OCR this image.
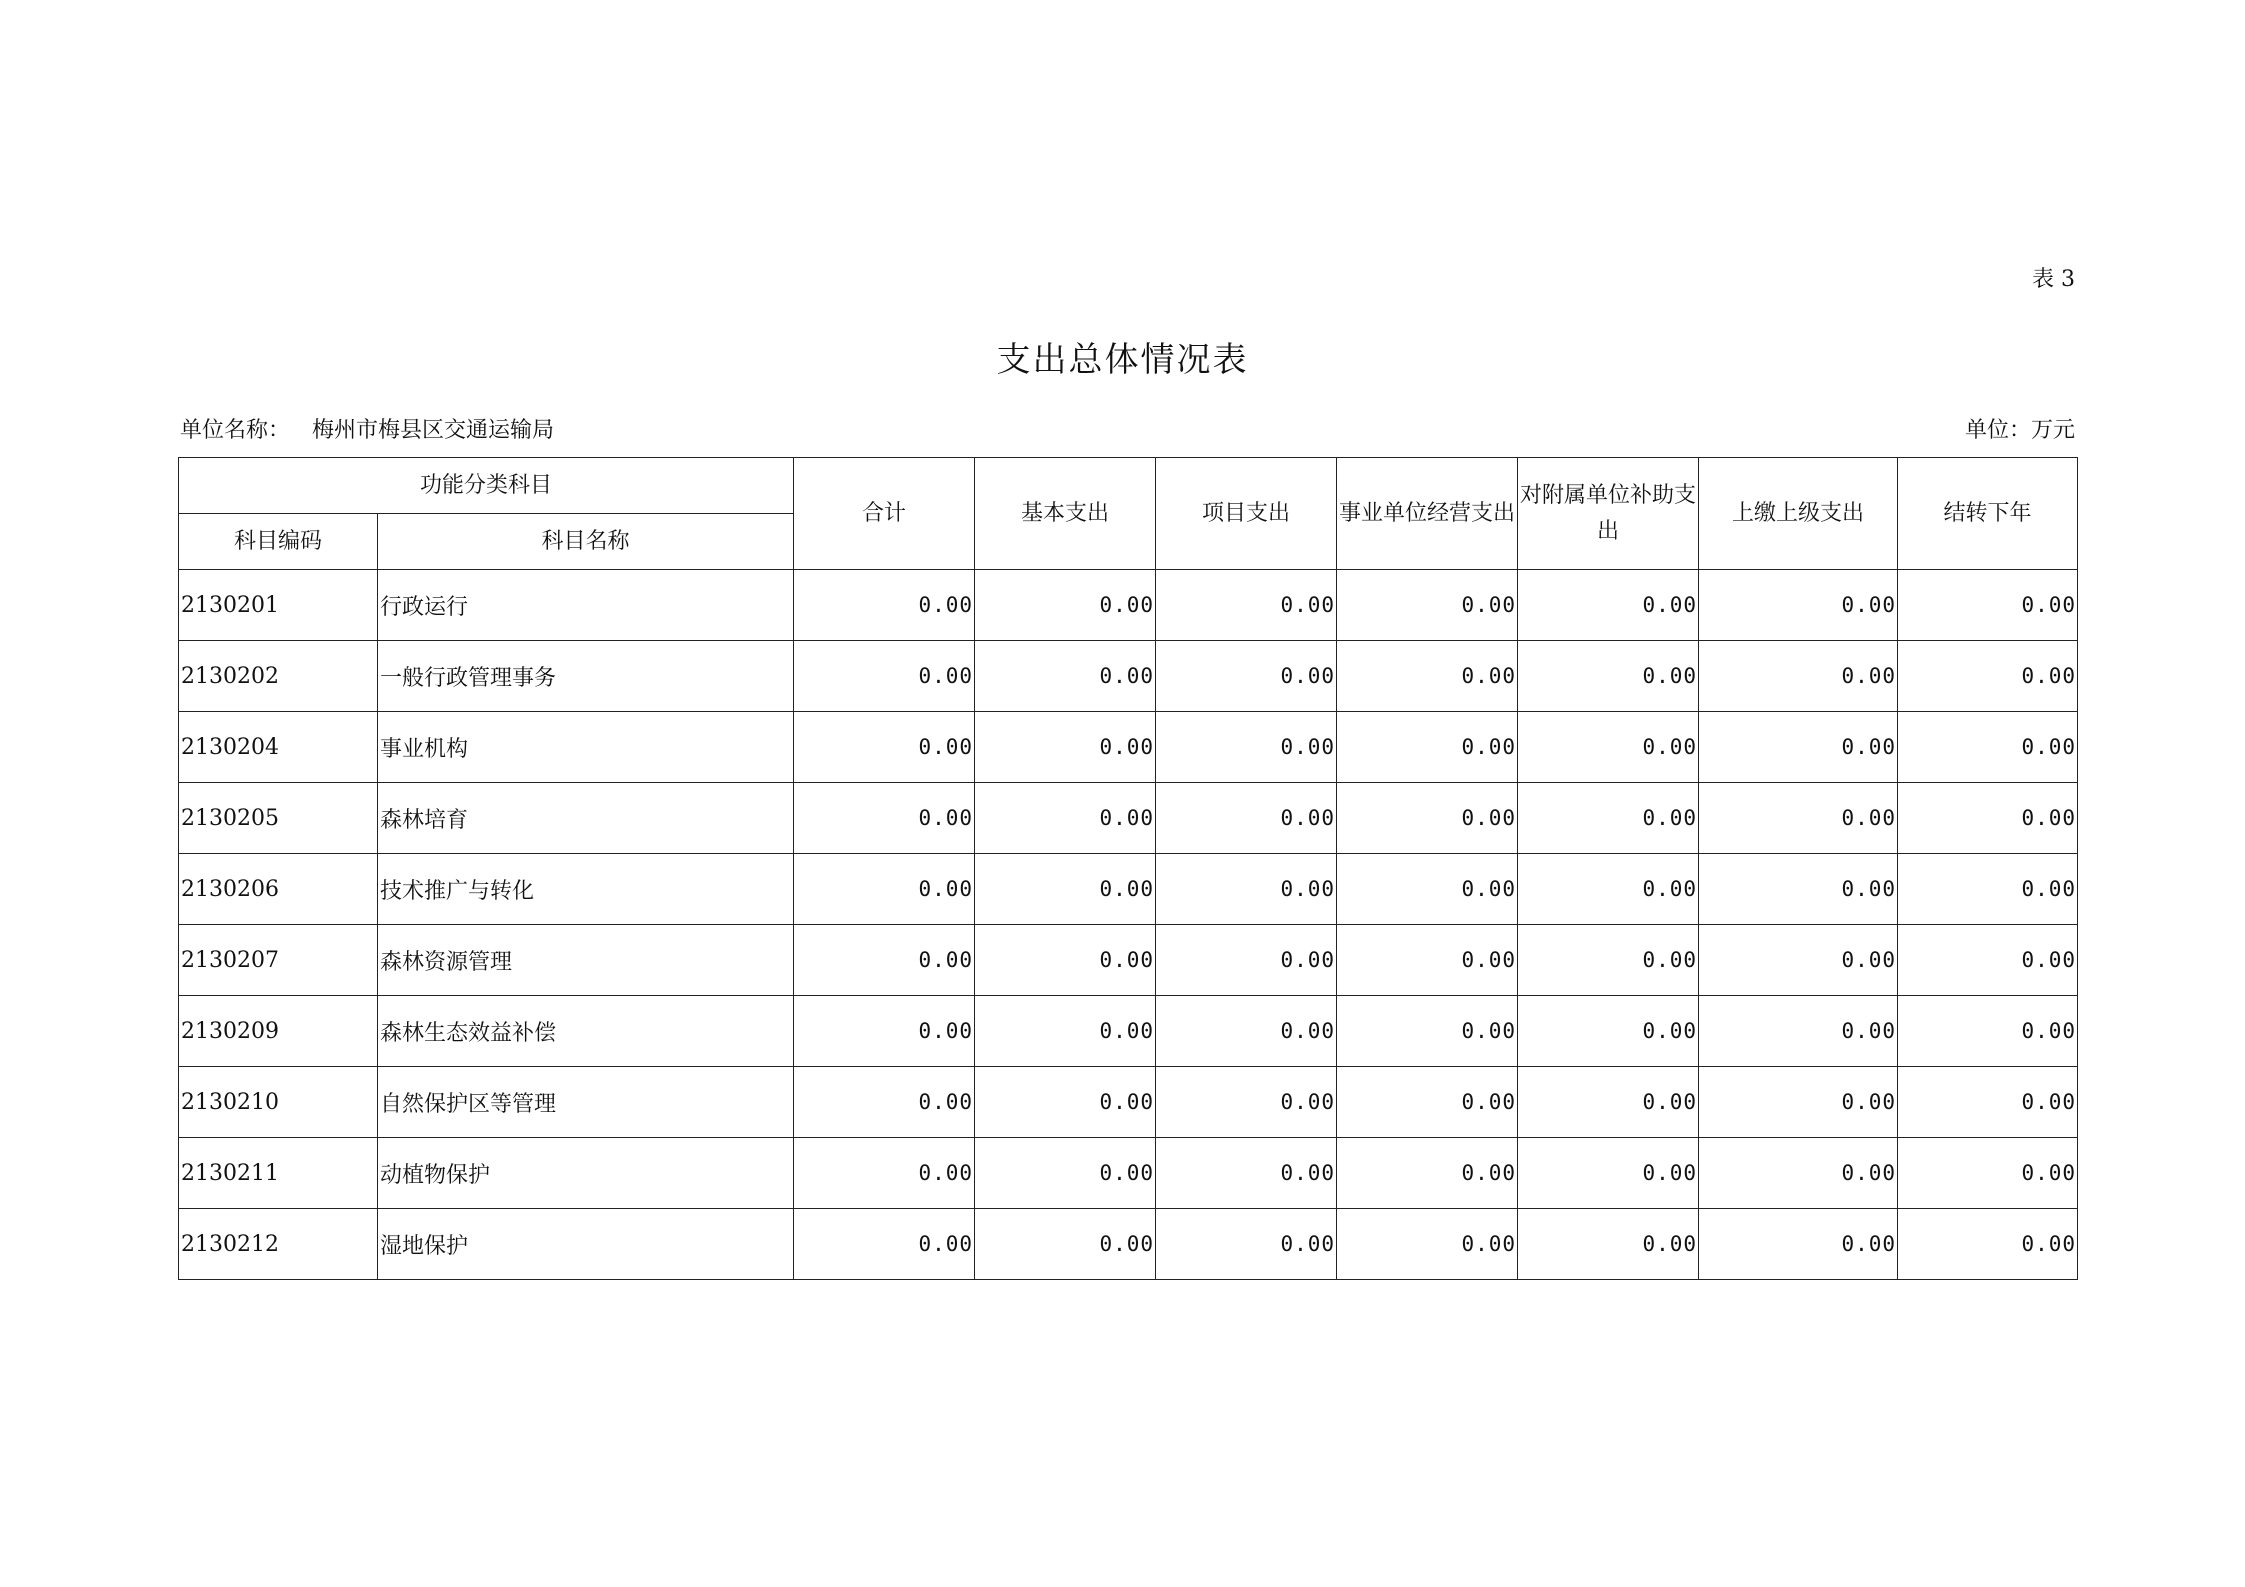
表 3
支出总体情况表
单位名称： 梅州市梅县区交通运输局	单位：万元
功能分类科目		合计	基本支出	项目支出	事业单位经营支出	对附属单位补助支出	上缴上级支出	结转下年
科目编码	科目名称							
2130201	行政运行	0.00	0.00	0.00	0.00	0.00	0.00	0.00
2130202	一般行政管理事务	0.00	0.00	0.00	0.00	0.00	0.00	0.00
2130204	事业机构	0.00	0.00	0.00	0.00	0.00	0.00	0.00
2130205	森林培育	0.00	0.00	0.00	0.00	0.00	0.00	0.00
2130206	技术推广与转化	0.00	0.00	0.00	0.00	0.00	0.00	0.00
2130207	森林资源管理	0.00	0.00	0.00	0.00	0.00	0.00	0.00
2130209	森林生态效益补偿	0.00	0.00	0.00	0.00	0.00	0.00	0.00
2130210	自然保护区等管理	0.00	0.00	0.00	0.00	0.00	0.00	0.00
2130211	动植物保护	0.00	0.00	0.00	0.00	0.00	0.00	0.00
2130212	湿地保护	0.00	0.00	0.00	0.00	0.00	0.00	0.00
